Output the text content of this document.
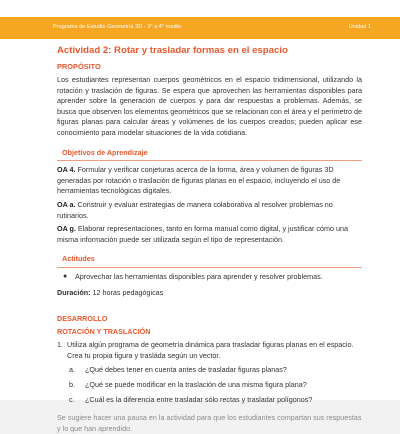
Programa de Estudio Geometría 3D - 3° a 4° medio	Unidad 1
Actividad 2: Rotar y trasladar formas en el espacio
PROPÓSITO
Los estudiantes representan cuerpos geométricos en el espacio tridimensional, utilizando la rotación y traslación de figuras. Se espera que aprovechen las herramientas disponibles para aprender sobre la generación de cuerpos y para dar respuestas a problemas. Además, se busca que observen los elementos geométricos que se relacionan con el área y el perímetro de figuras planas para calcular áreas y volúmenes de los cuerpos creados; pueden aplicar ese conocimiento para modelar situaciones de la vida cotidiana.
Objetivos de Aprendizaje
OA 4. Formular y verificar conjeturas acerca de la forma, área y volumen de figuras 3D generadas por rotación o traslación de figuras planas en el espacio, incluyendo el uso de herramientas tecnológicas digitales.
OA a. Construir y evaluar estrategias de manera colaborativa al resolver problemas no rutinarios.
OA g. Elaborar representaciones, tanto en forma manual como digital, y justificar cómo una misma información puede ser utilizada según el tipo de representación.
Actitudes
●	Aprovechar las herramientas disponibles para aprender y resolver problemas.
Duración: 12 horas pedagógicas
DESARROLLO
ROTACIÓN Y TRASLACIÓN
1. Utiliza algún programa de geometría dinámica para trasladar figuras planas en el espacio. Crea tu propia figura y trasláda según un vector.
a.	¿Qué debes tener en cuenta antes de trasladar figuras planas?
b.	¿Qué se puede modificar en la traslación de una misma figura plana?
c.	¿Cuál es la diferencia entre trasladar sólo rectas y trasladar polígonos?
Se sugiere hacer una pausa en la actividad para que los estudiantes compartan sus respuestas y lo que han aprendido.
